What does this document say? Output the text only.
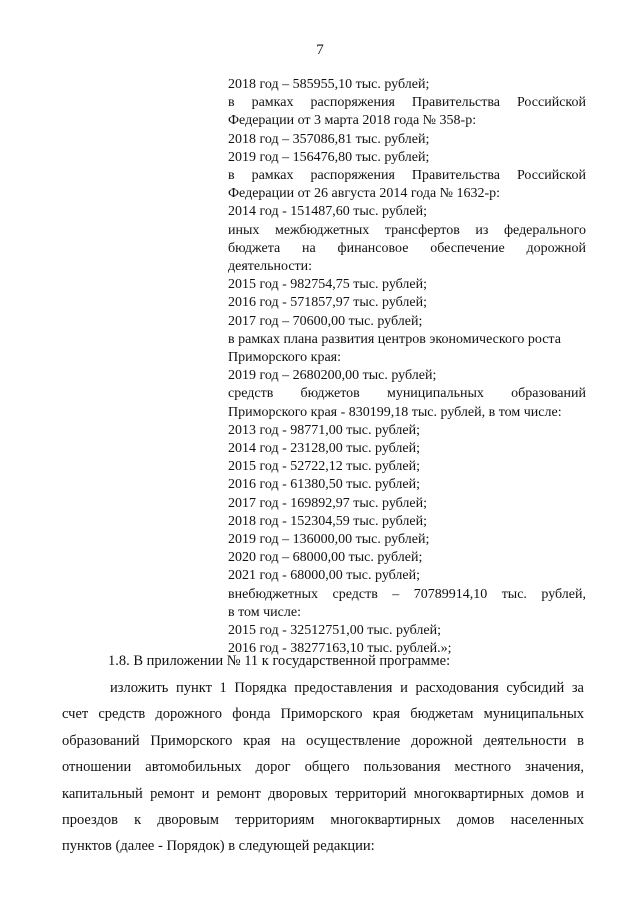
7
2018 год – 585955,10 тыс. рублей;
в рамках распоряжения Правительства Российской
Федерации от 3 марта 2018 года № 358-р:
2018 год – 357086,81 тыс. рублей;
2019 год – 156476,80 тыс. рублей;
в рамках распоряжения Правительства Российской
Федерации от 26 августа 2014 года № 1632-р:
2014 год - 151487,60 тыс. рублей;
иных межбюджетных трансфертов из федерального
бюджета на финансовое обеспечение дорожной
деятельности:
2015 год - 982754,75 тыс. рублей;
2016 год - 571857,97 тыс. рублей;
2017 год – 70600,00 тыс. рублей;
в рамках плана развития центров экономического роста
Приморского края:
2019 год – 2680200,00 тыс. рублей;
средств бюджетов муниципальных образований
Приморского края - 830199,18 тыс. рублей, в том числе:
2013 год - 98771,00 тыс. рублей;
2014 год - 23128,00 тыс. рублей;
2015 год - 52722,12 тыс. рублей;
2016 год - 61380,50 тыс. рублей;
2017 год - 169892,97 тыс. рублей;
2018 год - 152304,59 тыс. рублей;
2019 год – 136000,00 тыс. рублей;
2020 год – 68000,00 тыс. рублей;
2021 год - 68000,00 тыс. рублей;
внебюджетных средств – 70789914,10 тыс. рублей,
в том числе:
2015 год - 32512751,00 тыс. рублей;
2016 год - 38277163,10 тыс. рублей.»;
1.8. В приложении № 11 к государственной программе:
изложить пункт 1 Порядка предоставления и расходования субсидий за
счет средств дорожного фонда Приморского края бюджетам муниципальных
образований Приморского края на осуществление дорожной деятельности в
отношении автомобильных дорог общего пользования местного значения,
капитальный ремонт и ремонт дворовых территорий многоквартирных домов и
проездов к дворовым территориям многоквартирных домов населенных
пунктов (далее - Порядок) в следующей редакции:
